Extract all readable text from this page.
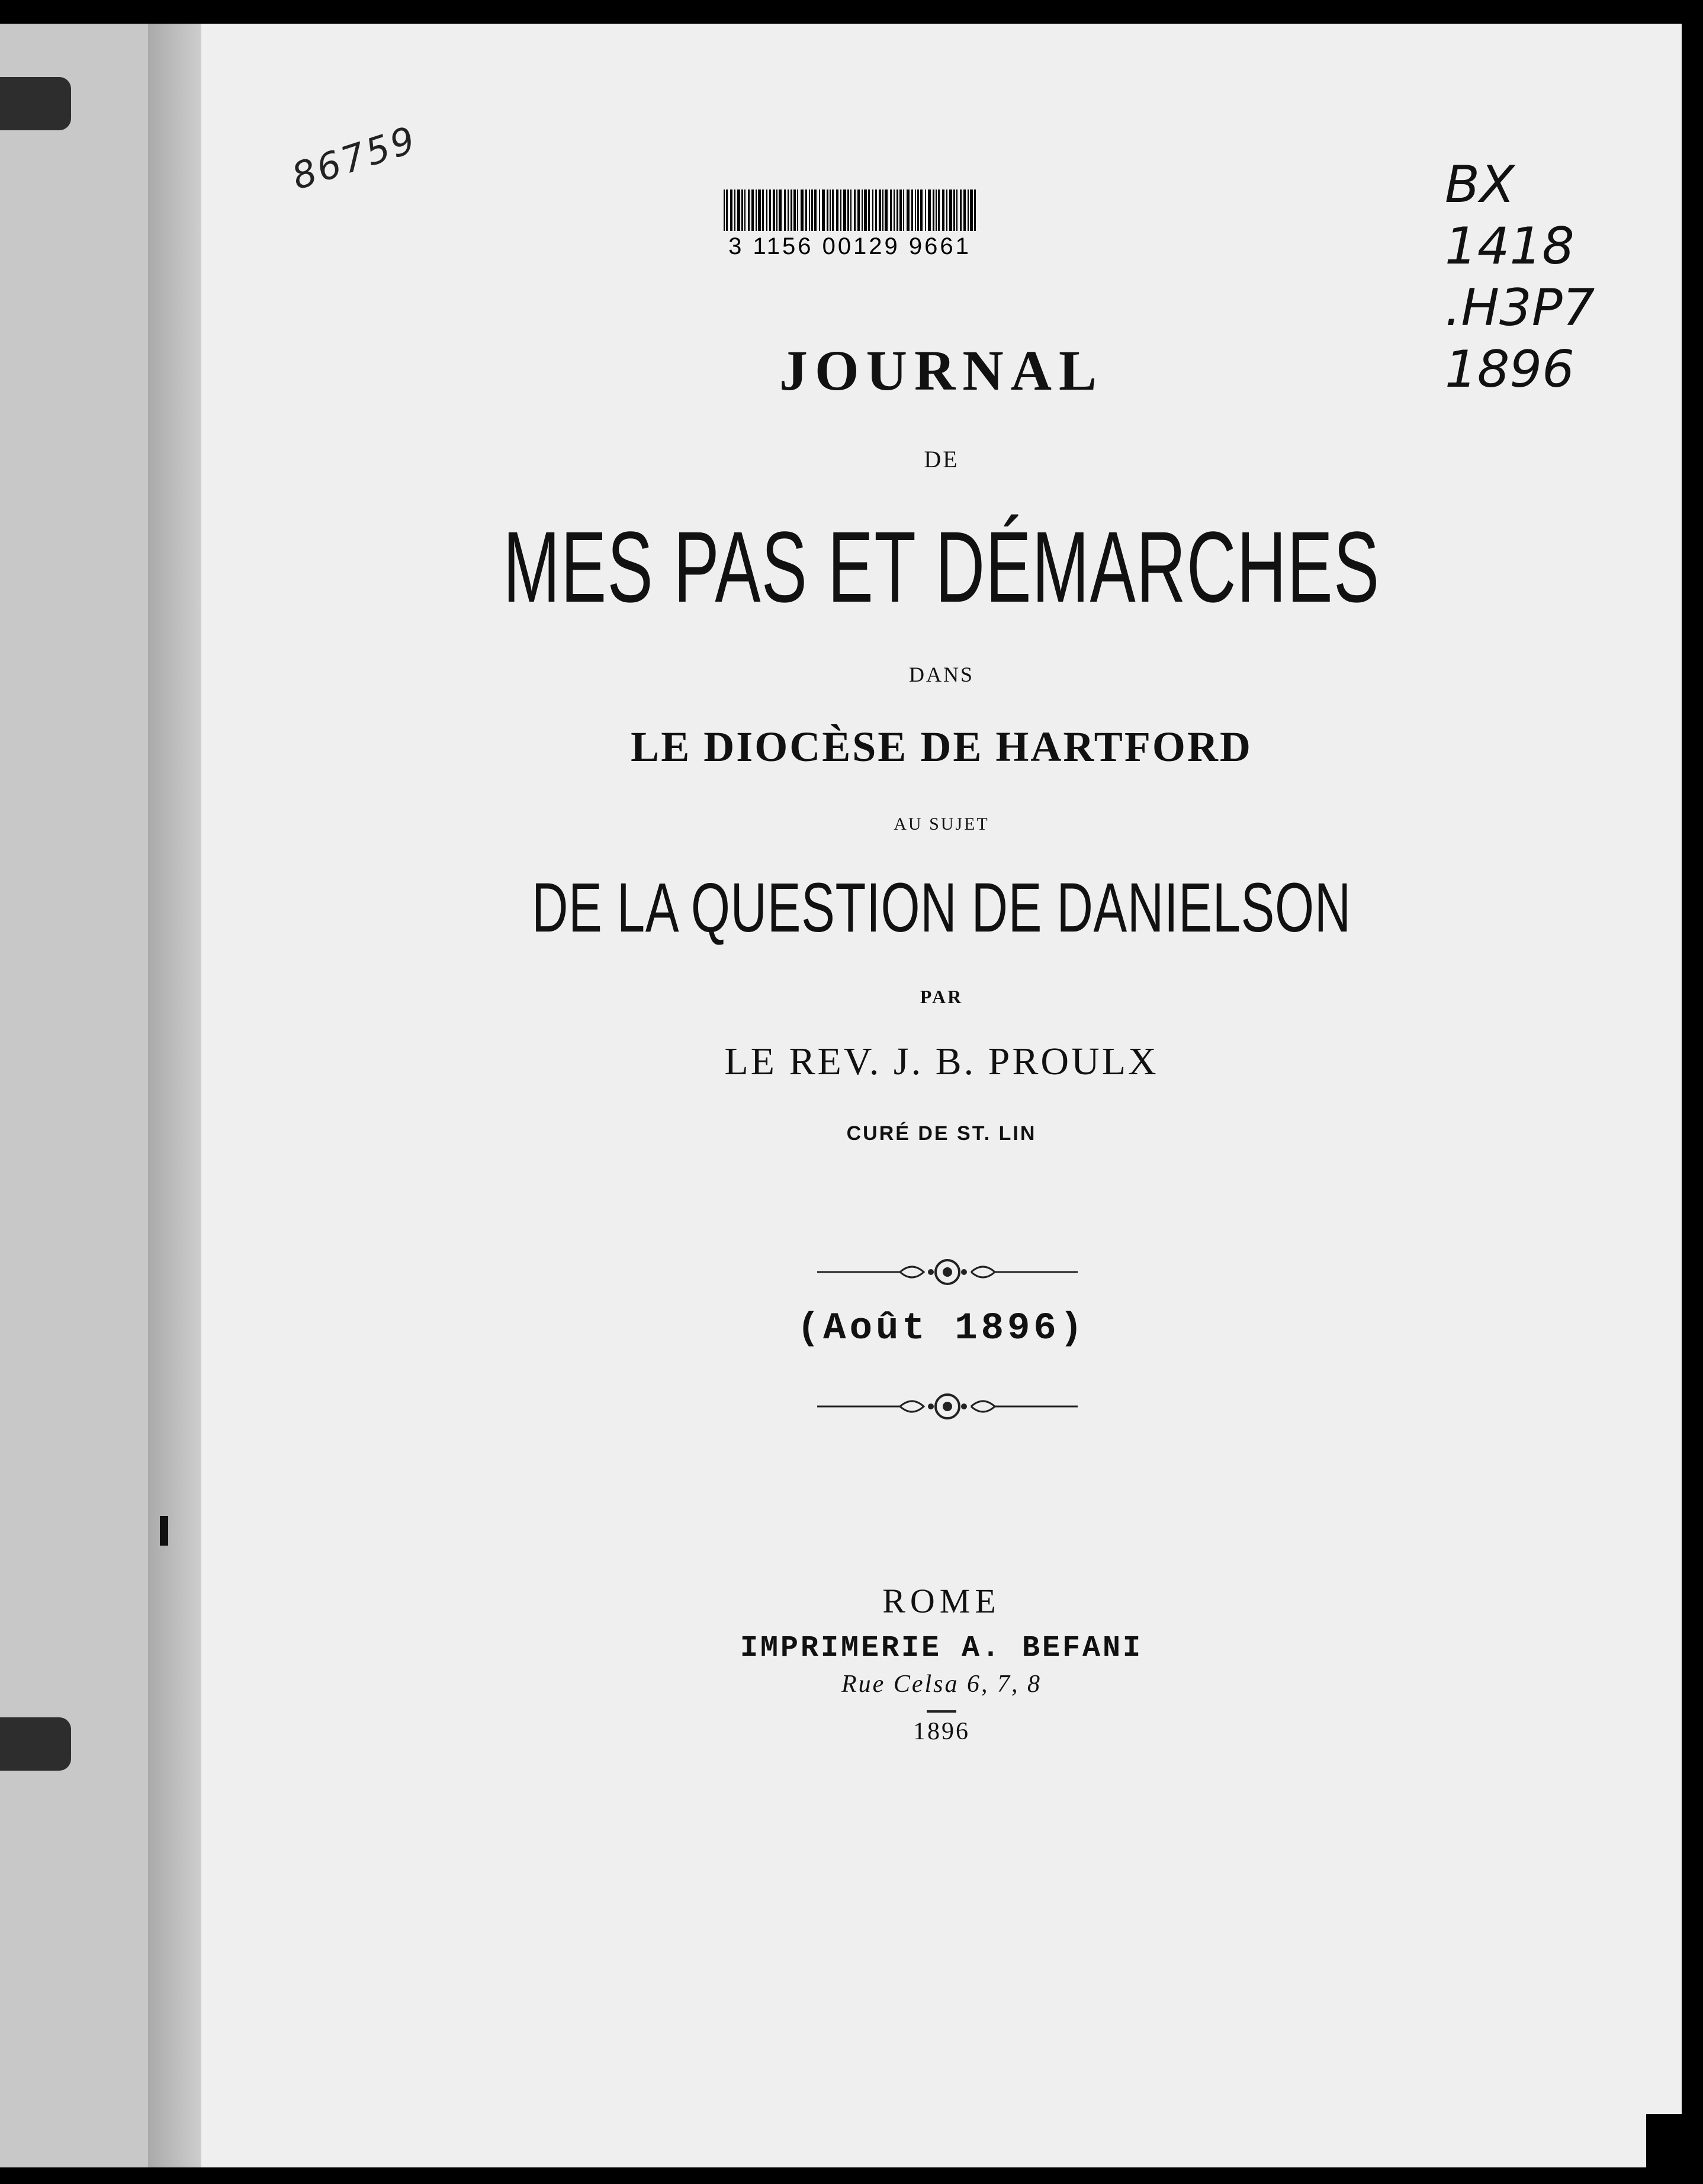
86759	BX
1418
.H3P7
1896
3 1156 00129 9661
JOURNAL
DE
MES PAS ET DÉMARCHES
DANS
LE DIOCÈSE DE HARTFORD
AU SUJET
DE LA QUESTION DE DANIELSON
PAR
LE REV. J. B. PROULX
CURÉ DE ST. LIN
(Août 1896)
ROME
IMPRIMERIE A. BEFANI
Rue Celsa 6, 7, 8
1896
